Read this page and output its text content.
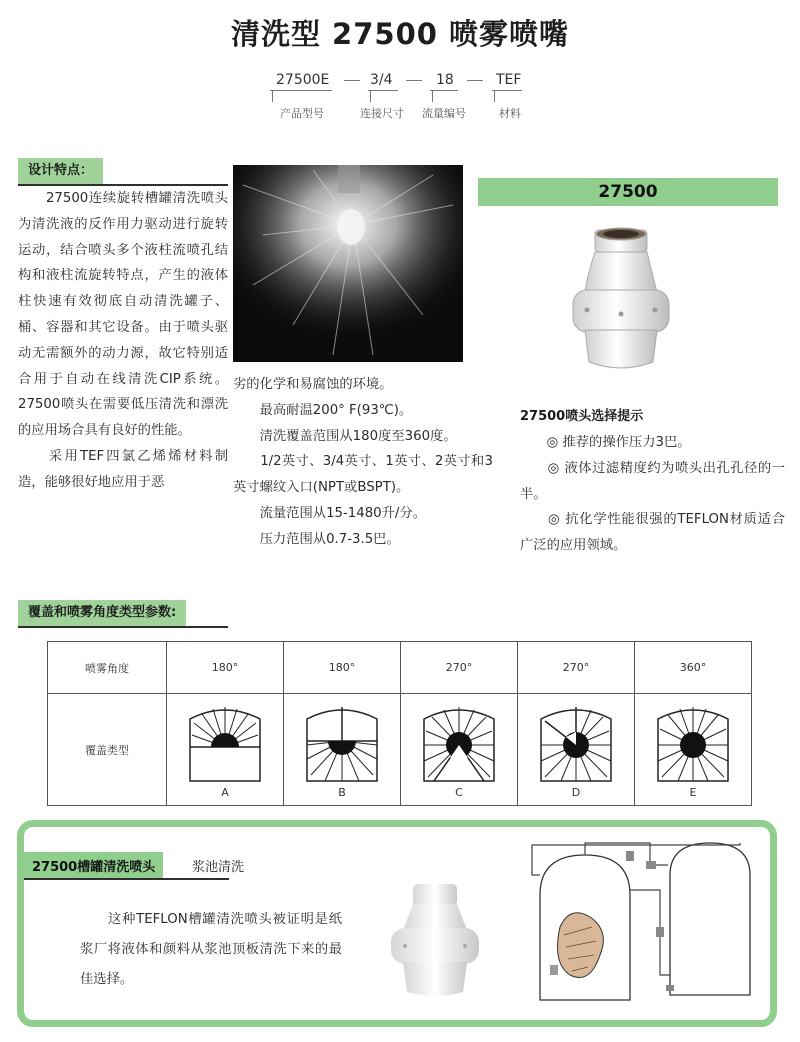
清洗型 27500 喷雾喷嘴
27500E	3/4	18	TEF
产品型号	连接尺寸	流量编号	材料
设计特点：

　　27500连续旋转槽罐清洗喷头为清洗液的反作用力驱动进行旋转运动，结合喷头多个液柱流喷孔结构和液柱流旋转特点，产生的液体柱快速有效彻底自动清洗罐子、桶、容器和其它设备。由于喷头驱动无需额外的动力源，故它特别适合用于自动在线清洗CIP系统。27500喷头在需要低压清洗和漂洗的应用场合具有良好的性能。

　　采用TEF四氯乙烯烯材料制造，能够很好地应用于恶

劣的化学和易腐蚀的环境。

　　最高耐温200° F(93℃)。

　　清洗覆盖范围从180度至360度。

　　1/2英寸、3/4英寸、1英寸、2英寸和3英寸螺纹入口(NPT或BSPT)。

　　流量范围从15-1480升/分。

　　压力范围从0.7-3.5巴。

27500
27500喷头选择提示

　　◎ 推荐的操作压力3巴。

　　◎ 液体过滤精度约为喷头出孔孔径的一半。

　　◎ 抗化学性能很强的TEFLON材质适合广泛的应用领域。

覆盖和喷雾角度类型参数:
喷雾角度	180°	180°	270°	270°	360°
覆盖类型	A	B	C	D	E
27500槽罐清洗喷头	浆池清洗
　　这种TEFLON槽罐清洗喷头被证明是纸浆厂将液体和颜料从浆池顶板清洗下来的最佳选择。
